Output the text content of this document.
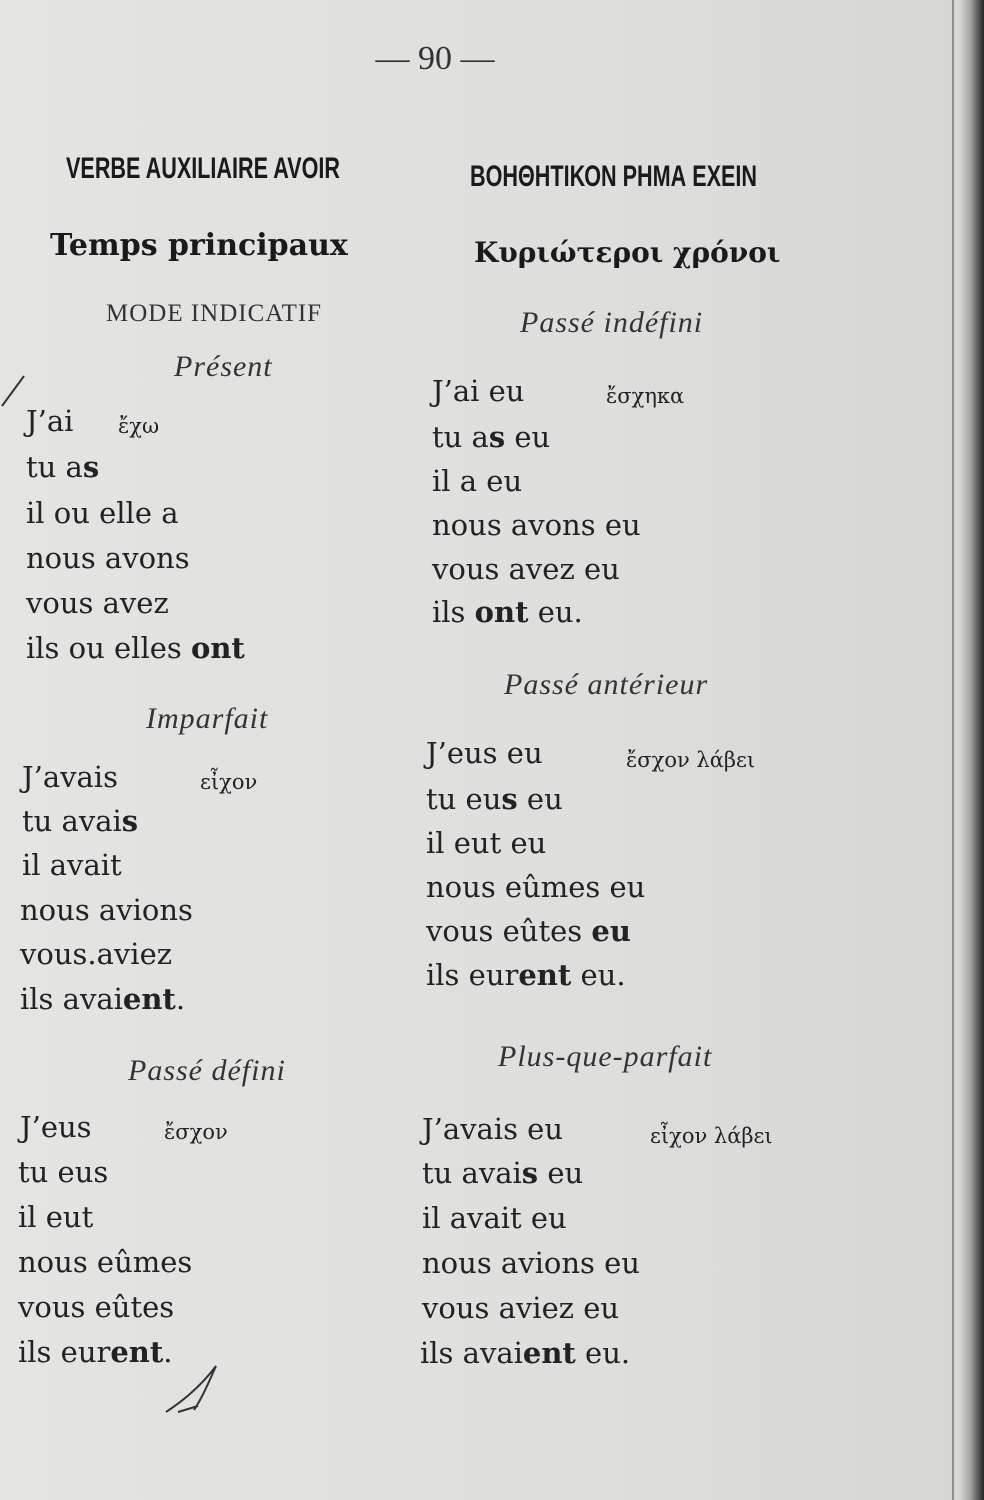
— 90 —
VERBE AUXILIAIRE AVOIR
Temps principaux
MODE INDICATIF
Présent
ἔχω
J’ai
tu as
il ou elle a
nous avons
vous avez
ils ou elles ont
Imparfait
εἶχον
J’avais
tu avais
il avait
nous avions
vous.aviez
ils avaient.
Passé défini
ἔσχον
J’eus
tu eus
il eut
nous eûmes
vous eûtes
ils eurent.
ΒΟΗΘΗΤΙΚΟΝ ΡΗΜΑ ΕΧΕΙΝ
Κυριώτεροι χρόνοι
Passé indéfini
ἔσχηκα
J’ai eu
tu as eu
il a eu
nous avons eu
vous avez eu
ils ont eu.
Passé antérieur
ἔσχον λάβει
J’eus eu
tu eus eu
il eut eu
nous eûmes eu
vous eûtes eu
ils eurent eu.
Plus-que-parfait
εἶχον λάβει
J’avais eu
tu avais eu
il avait eu
nous avions eu
vous aviez eu
ils avaient eu.
